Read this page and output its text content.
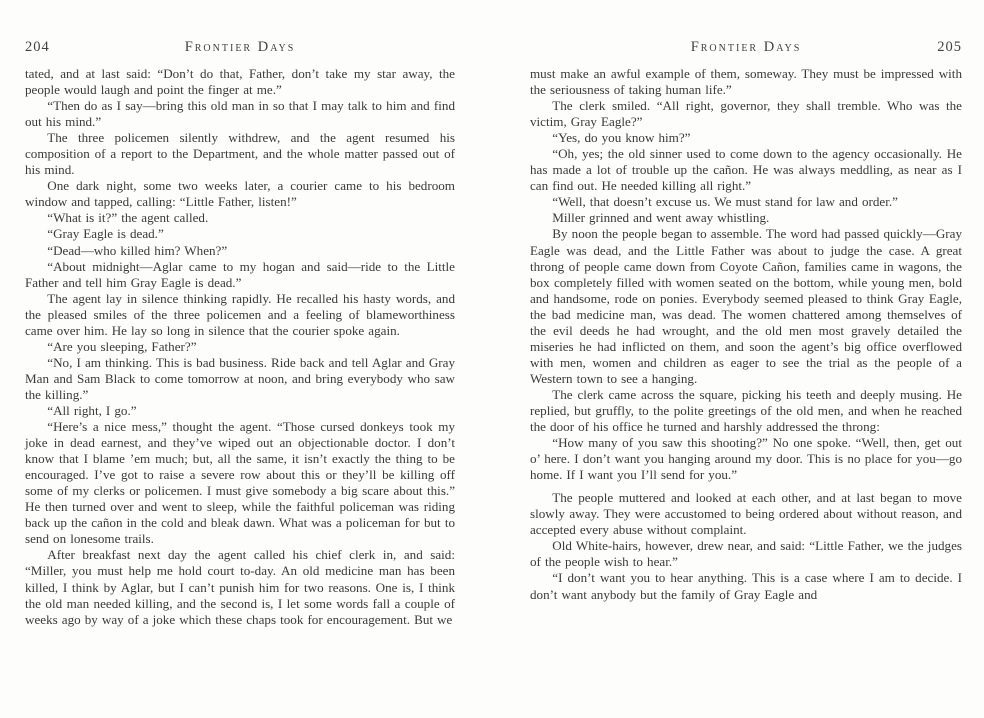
204	Frontier Days

tated, and at last said: “Don’t do that, Father, don’t take my star away, the people would laugh and point the finger at me.”

“Then do as I say—bring this old man in so that I may talk to him and find out his mind.”

The three policemen silently withdrew, and the agent resumed his composition of a report to the Department, and the whole matter passed out of his mind.

One dark night, some two weeks later, a courier came to his bedroom window and tapped, calling: “Little Father, listen!”

“What is it?” the agent called.

“Gray Eagle is dead.”

“Dead—who killed him? When?”

“About midnight—Aglar came to my hogan and said—ride to the Little Father and tell him Gray Eagle is dead.”

The agent lay in silence thinking rapidly. He recalled his hasty words, and the pleased smiles of the three policemen and a feeling of blameworthiness came over him. He lay so long in silence that the courier spoke again.

“Are you sleeping, Father?”

“No, I am thinking. This is bad business. Ride back and tell Aglar and Gray Man and Sam Black to come tomorrow at noon, and bring everybody who saw the killing.”

“All right, I go.”

“Here’s a nice mess,” thought the agent. “Those cursed donkeys took my joke in dead earnest, and they’ve wiped out an objectionable doctor. I don’t know that I blame ’em much; but, all the same, it isn’t exactly the thing to be encouraged. I’ve got to raise a severe row about this or they’ll be killing off some of my clerks or policemen. I must give somebody a big scare about this.” He then turned over and went to sleep, while the faithful policeman was riding back up the cañon in the cold and bleak dawn. What was a policeman for but to send on lonesome trails.

After breakfast next day the agent called his chief clerk in, and said: “Miller, you must help me hold court to-day. An old medicine man has been killed, I think by Aglar, but I can’t punish him for two reasons. One is, I think the old man needed killing, and the second is, I let some words fall a couple of weeks ago by way of a joke which these chaps took for encouragement. But we

Frontier Days	205

must make an awful example of them, someway. They must be impressed with the seriousness of taking human life.”

The clerk smiled. “All right, governor, they shall tremble. Who was the victim, Gray Eagle?”

“Yes, do you know him?”

“Oh, yes; the old sinner used to come down to the agency occasionally. He has made a lot of trouble up the cañon. He was always meddling, as near as I can find out. He needed killing all right.”

“Well, that doesn’t excuse us. We must stand for law and order.”

Miller grinned and went away whistling.

By noon the people began to assemble. The word had passed quickly—Gray Eagle was dead, and the Little Father was about to judge the case. A great throng of people came down from Coyote Cañon, families came in wagons, the box completely filled with women seated on the bottom, while young men, bold and handsome, rode on ponies. Everybody seemed pleased to think Gray Eagle, the bad medicine man, was dead. The women chattered among themselves of the evil deeds he had wrought, and the old men most gravely detailed the miseries he had inflicted on them, and soon the agent’s big office overflowed with men, women and children as eager to see the trial as the people of a Western town to see a hanging.

The clerk came across the square, picking his teeth and deeply musing. He replied, but gruffly, to the polite greetings of the old men, and when he reached the door of his office he turned and harshly addressed the throng:

“How many of you saw this shooting?” No one spoke. “Well, then, get out o’ here. I don’t want you hanging around my door. This is no place for you—go home. If I want you I’ll send for you.”

The people muttered and looked at each other, and at last began to move slowly away. They were accustomed to being ordered about without reason, and accepted every abuse without complaint.

Old White-hairs, however, drew near, and said: “Little Father, we the judges of the people wish to hear.”

“I don’t want you to hear anything. This is a case where I am to decide. I don’t want anybody but the family of Gray Eagle and
